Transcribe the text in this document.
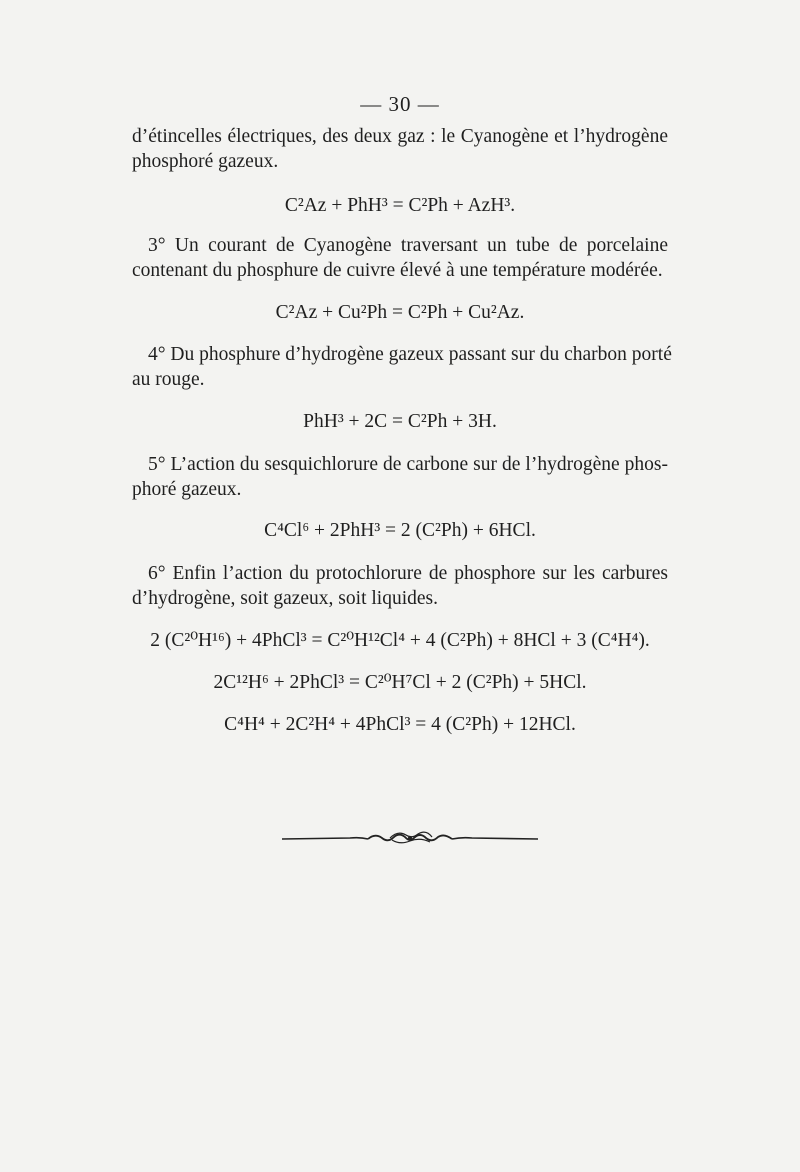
— 30 —

d’étincelles électriques, des deux gaz : le Cyanogène et l’hydrogène
phosphoré gazeux.

C²Az + PhH³ = C²Ph + AzH³.

3° Un courant de Cyanogène traversant un tube de porcelaine
contenant du phosphure de cuivre élevé à une température modérée.

C²Az + Cu²Ph = C²Ph + Cu²Az.

4° Du phosphure d’hydrogène gazeux passant sur du charbon porté
au rouge.

PhH³ + 2C = C²Ph + 3H.

5° L’action du sesquichlorure de carbone sur de l’hydrogène phos-
phoré gazeux.

C⁴Cl⁶ + 2PhH³ = 2 (C²Ph) + 6HCl.

6° Enfin l’action du protochlorure de phosphore sur les carbures
d’hydrogène, soit gazeux, soit liquides.

2 (C²⁰H¹⁶) + 4PhCl³ = C²⁰H¹²Cl⁴ + 4 (C²Ph) + 8HCl + 3 (C⁴H⁴).
2C¹²H⁶ + 2PhCl³ = C²⁰H⁷Cl + 2 (C²Ph) + 5HCl.
C⁴H⁴ + 2C²H⁴ + 4PhCl³ = 4 (C²Ph) + 12HCl.
